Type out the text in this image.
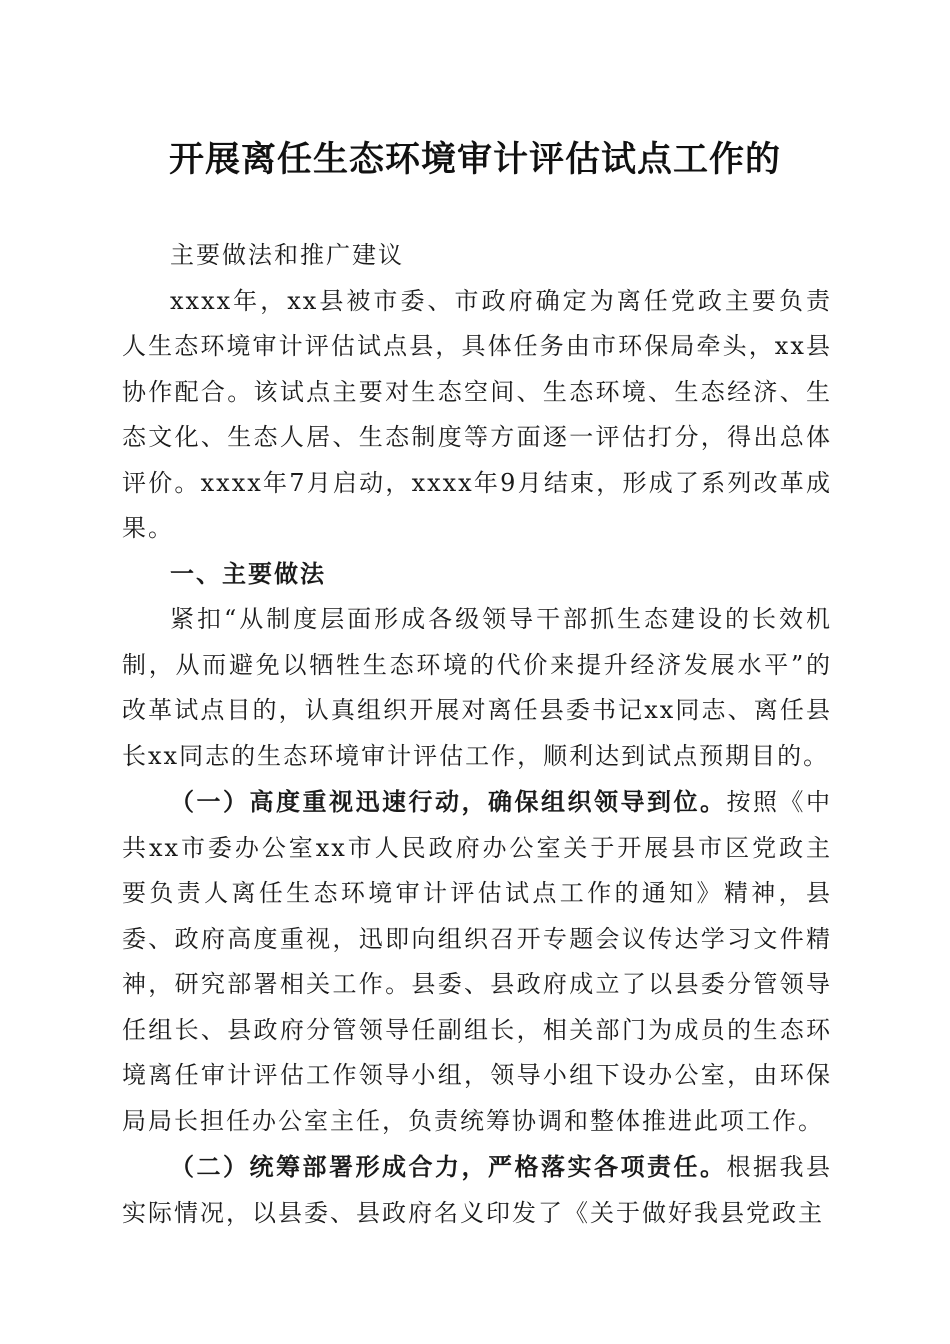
开展离任生态环境审计评估试点工作的

主要做法和推广建议

xxxx年，xx县被市委、市政府确定为离任党政主要负责人生态环境审计评估试点县，具体任务由市环保局牵头，xx县协作配合。该试点主要对生态空间、生态环境、生态经济、生态文化、生态人居、生态制度等方面逐一评估打分，得出总体评价。xxxx年7月启动，xxxx年9月结束，形成了系列改革成果。

一、主要做法

紧扣“从制度层面形成各级领导干部抓生态建设的长效机制，从而避免以牺牲生态环境的代价来提升经济发展水平”的改革试点目的，认真组织开展对离任县委书记xx同志、离任县长xx同志的生态环境审计评估工作，顺利达到试点预期目的。

（一）高度重视迅速行动，确保组织领导到位。按照《中共xx市委办公室xx市人民政府办公室关于开展县市区党政主要负责人离任生态环境审计评估试点工作的通知》精神，县委、政府高度重视，迅即向组织召开专题会议传达学习文件精神，研究部署相关工作。县委、县政府成立了以县委分管领导任组长、县政府分管领导任副组长，相关部门为成员的生态环境离任审计评估工作领导小组，领导小组下设办公室，由环保局局长担任办公室主任，负责统筹协调和整体推进此项工作。

（二）统筹部署形成合力，严格落实各项责任。根据我县实际情况，以县委、县政府名义印发了《关于做好我县党政主
